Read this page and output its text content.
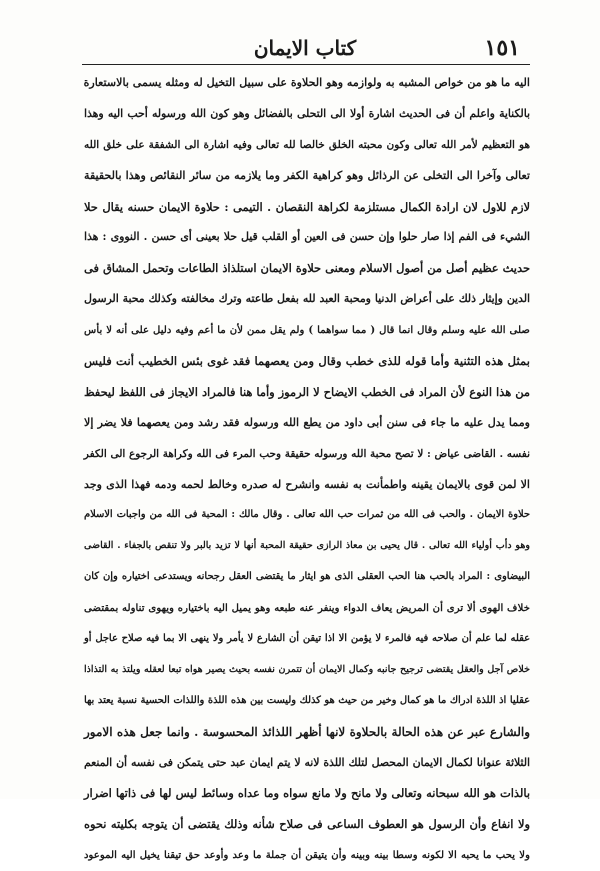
١٥١
كتاب الايمان
اليه ما هو من خواص المشبه به ولوازمه وهو الحلاوة على سبيل التخيل له ومثله يسمى بالاستعارة
بالكناية واعلم أن فى الحديث اشارة أولا الى التحلى بالفضائل وهو كون الله ورسوله أحب اليه وهذا
هو التعظيم لأمر الله تعالى وكون محبته الخلق خالصا لله تعالى وفيه اشارة الى الشفقة على خلق الله
تعالى وآخرا الى التخلى عن الرذائل وهو كراهية الكفر وما يلازمه من سائر النقائص وهذا بالحقيقة
لازم للاول لان ارادة الكمال مستلزمة لكراهة النقصان . التيمى : حلاوة الايمان حسنه يقال حلا
الشيء فى الفم إذا صار حلوا وإن حسن فى العين أو القلب قيل حلا بعينى أى حسن . النووى : هذا
حديث عظيم أصل من أصول الاسلام ومعنى حلاوة الايمان استلذاذ الطاعات وتحمل المشاق فى
الدين وإيثار ذلك على أعراض الدنيا ومحبة العبد لله بفعل طاعته وترك مخالفته وكذلك محبة الرسول
صلى الله عليه وسلم وقال انما قال ( مما سواهما ) ولم يقل ممن لأن ما أعم وفيه دليل على أنه لا بأس
بمثل هذه التثنية وأما قوله للذى خطب وقال ومن يعصهما فقد غوى بئس الخطيب أنت فليس
من هذا النوع لأن المراد فى الخطب الايضاح لا الرموز وأما هنا فالمراد الايجاز فى اللفظ ليحفظ
ومما يدل عليه ما جاء فى سنن أبى داود من يطع الله ورسوله فقد رشد ومن يعصهما فلا يضر إلا
نفسه . القاضى عياض : لا تصح محبة الله ورسوله حقيقة وحب المرء فى الله وكراهة الرجوع الى الكفر
الا لمن قوى بالايمان يقينه واطمأنت به نفسه وانشرح له صدره وخالط لحمه ودمه فهذا الذى وجد
حلاوة الايمان . والحب فى الله من ثمرات حب الله تعالى . وقال مالك : المحبة فى الله من واجبات الاسلام
وهو دأب أولياء الله تعالى . قال يحيى بن معاذ الرازى حقيقة المحبة أنها لا تزيد بالبر ولا تنقص بالجفاء . القاضى
البيضاوى : المراد بالحب هنا الحب العقلى الذى هو ايثار ما يقتضى العقل رجحانه ويستدعى اختياره وإن كان
خلاف الهوى ألا ترى أن المريض يعاف الدواء وينفر عنه طبعه وهو يميل اليه باختياره ويهوى تناوله بمقتضى
عقله لما علم أن صلاحه فيه فالمرء لا يؤمن الا اذا تيقن أن الشارع لا يأمر ولا ينهى الا بما فيه صلاح عاجل أو
خلاص آجل والعقل يقتضى ترجيح جانبه وكمال الايمان أن تتمرن نفسه بحيث يصير هواه تبعا لعقله ويلتذ به التذاذا
عقليا اذ اللذة ادراك ما هو كمال وخير من حيث هو كذلك وليست بين هذه اللذة واللذات الحسية نسبة يعتد بها
والشارع عبر عن هذه الحالة بالحلاوة لانها أظهر اللذائذ المحسوسة . وانما جعل هذه الامور
الثلاثة عنوانا لكمال الايمان المحصل لتلك اللذة لانه لا يتم ايمان عبد حتى يتمكن فى نفسه أن المنعم
بالذات هو الله سبحانه وتعالى ولا مانح ولا مانع سواه وما عداه وسائط ليس لها فى ذاتها اضرار
ولا انفاع وأن الرسول هو العطوف الساعى فى صلاح شأنه وذلك يقتضى أن يتوجه بكليته نحوه
ولا يحب ما يحبه الا لكونه وسطا بينه وبينه وأن يتيقن أن جملة ما وعد وأوعد حق تيقنا يخيل اليه الموعود
